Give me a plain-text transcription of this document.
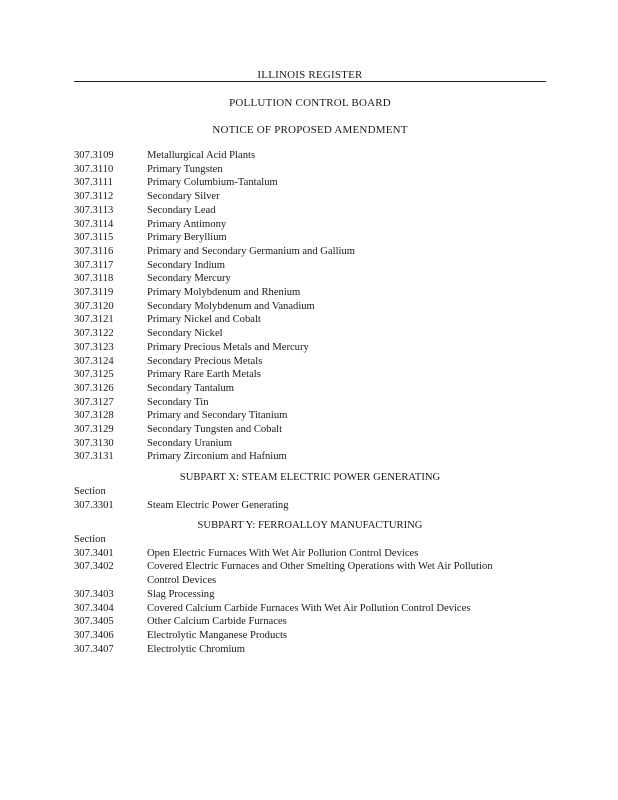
ILLINOIS REGISTER
POLLUTION CONTROL BOARD
NOTICE OF PROPOSED AMENDMENT
307.3109	Metallurgical Acid Plants
307.3110	Primary Tungsten
307.3111	Primary Columbium-Tantalum
307.3112	Secondary Silver
307.3113	Secondary Lead
307.3114	Primary Antimony
307.3115	Primary Beryllium
307.3116	Primary and Secondary Germanium and Gallium
307.3117	Secondary Indium
307.3118	Secondary Mercury
307.3119	Primary Molybdenum and Rhenium
307.3120	Secondary Molybdenum and Vanadium
307.3121	Primary Nickel and Cobalt
307.3122	Secondary Nickel
307.3123	Primary Precious Metals and Mercury
307.3124	Secondary Precious Metals
307.3125	Primary Rare Earth Metals
307.3126	Secondary Tantalum
307.3127	Secondary Tin
307.3128	Primary and Secondary Titanium
307.3129	Secondary Tungsten and Cobalt
307.3130	Secondary Uranium
307.3131	Primary Zirconium and Hafnium
SUBPART X: STEAM ELECTRIC POWER GENERATING
Section
307.3301	Steam Electric Power Generating
SUBPART Y: FERROALLOY MANUFACTURING
Section
307.3401	Open Electric Furnaces With Wet Air Pollution Control Devices
307.3402	Covered Electric Furnaces and Other Smelting Operations with Wet Air Pollution
Control Devices
307.3403	Slag Processing
307.3404	Covered Calcium Carbide Furnaces With Wet Air Pollution Control Devices
307.3405	Other Calcium Carbide Furnaces
307.3406	Electrolytic Manganese Products
307.3407	Electrolytic Chromium
